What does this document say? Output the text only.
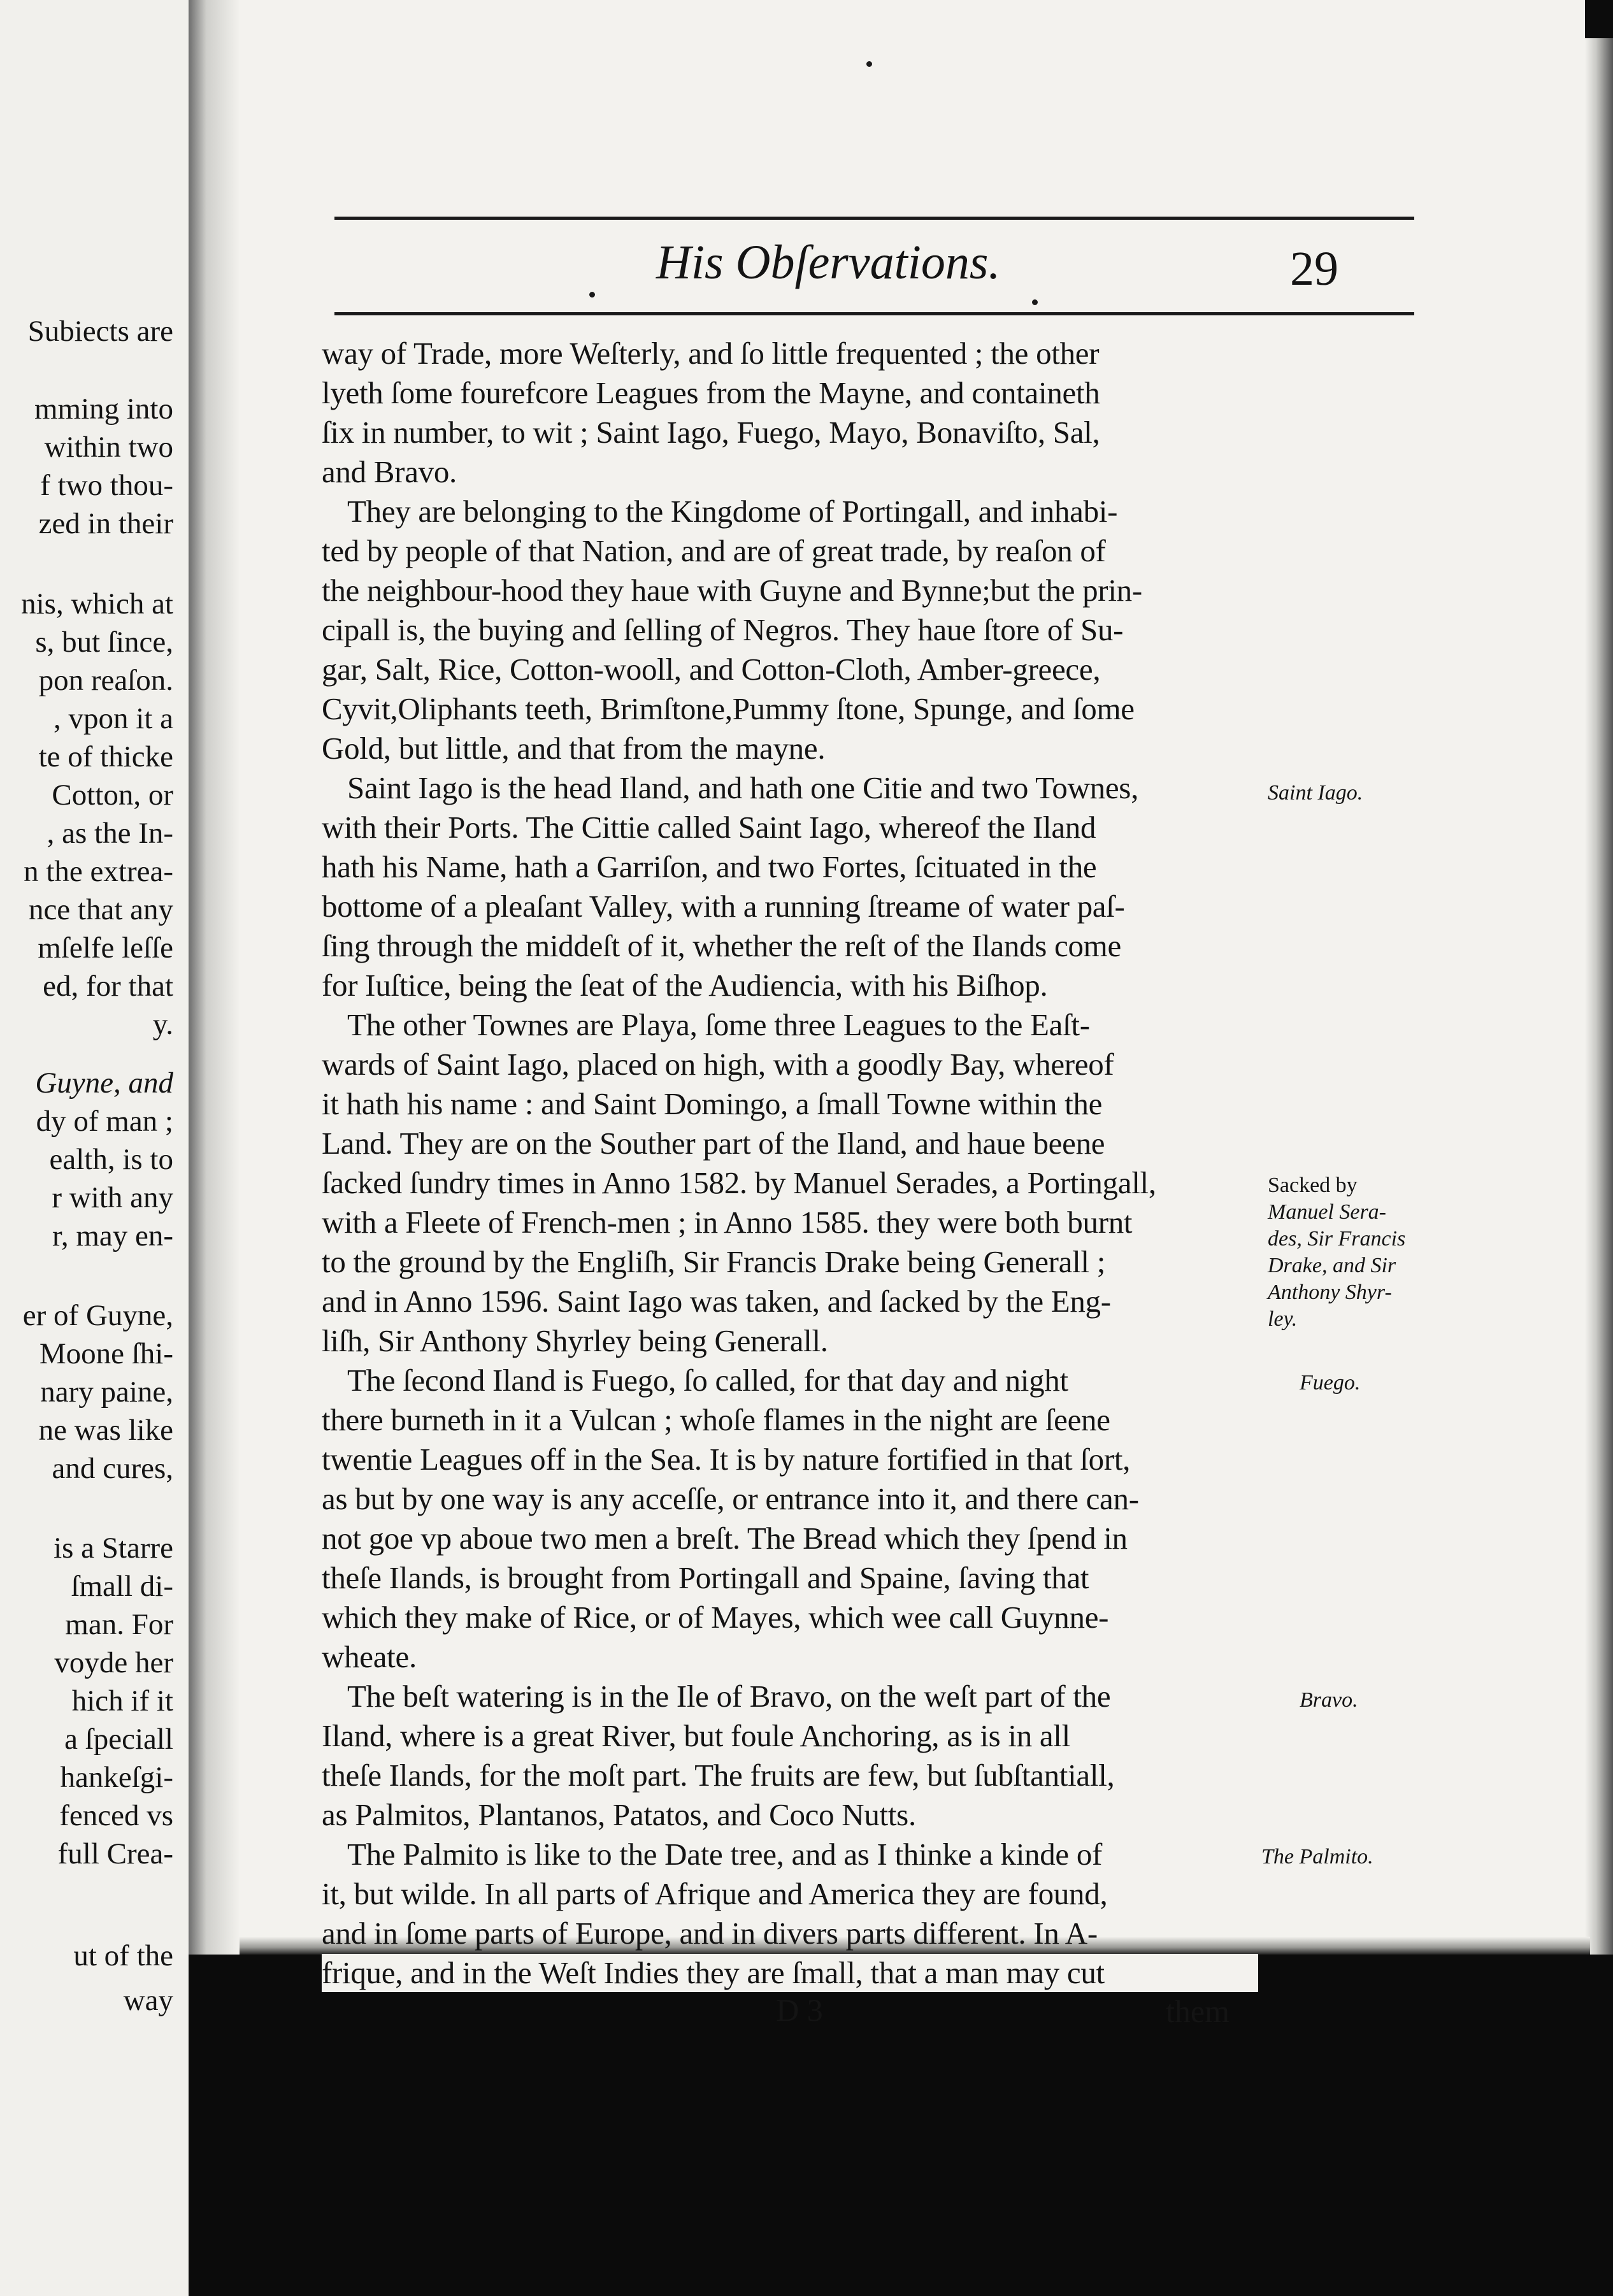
Subiects are
mming into
within two
f two thou-
zed in their
nis, which at
s, but ſince,
pon reaſon.
, vpon it a
te of thicke
Cotton, or
, as the In-
n the extrea-
nce that any
mſelfe leſſe
ed, for that
y.
Guyne, and
dy of man ;
ealth, is to
r with any
r, may en-
er of Guyne,
Moone ſhi-
nary paine,
ne was like
and cures,
is a Starre
ſmall di-
man. For
voyde her
hich if it
a ſpeciall
hankeſgi-
fenced vs
full Crea-
ut of the
way
His Obſervations.	29
way of Trade, more Weſterly, and ſo little frequented ; the other
lyeth ſome fourefcore Leagues from the Mayne, and containeth
ſix in number, to wit ; Saint Iago, Fuego, Mayo, Bonaviſto, Sal,
and Bravo.
They are belonging to the Kingdome of Portingall, and inhabi-
ted by people of that Nation, and are of great trade, by reaſon of
the neighbour-hood they haue with Guyne and Bynne;but the prin-
cipall is, the buying and ſelling of Negros. They haue ſtore of Su-
gar, Salt, Rice, Cotton-wooll, and Cotton-Cloth, Amber-greece,
Cyvit,Oliphants teeth, Brimſtone,Pummy ſtone, Spunge, and ſome
Gold, but little, and that from the mayne.
Saint Iago is the head Iland, and hath one Citie and two Townes,
with their Ports. The Cittie called Saint Iago, whereof the Iland
hath his Name, hath a Garriſon, and two Fortes, ſcituated in the
bottome of a pleaſant Valley, with a running ſtreame of water paſ-
ſing through the middeſt of it, whether the reſt of the Ilands come
for Iuſtice, being the ſeat of the Audiencia, with his Biſhop.
The other Townes are Playa, ſome three Leagues to the Eaſt-
wards of Saint Iago, placed on high, with a goodly Bay, whereof
it hath his name : and Saint Domingo, a ſmall Towne within the
Land. They are on the Souther part of the Iland, and haue beene
ſacked ſundry times in Anno 1582. by Manuel Serades, a Portingall,
with a Fleete of French-men ; in Anno 1585. they were both burnt
to the ground by the Engliſh, Sir Francis Drake being Generall ;
and in Anno 1596. Saint Iago was taken, and ſacked by the Eng-
liſh, Sir Anthony Shyrley being Generall.
The ſecond Iland is Fuego, ſo called, for that day and night
there burneth in it a Vulcan ; whoſe flames in the night are ſeene
twentie Leagues off in the Sea. It is by nature fortified in that ſort,
as but by one way is any acceſſe, or entrance into it, and there can-
not goe vp aboue two men a breſt. The Bread which they ſpend in
theſe Ilands, is brought from Portingall and Spaine, ſaving that
which they make of Rice, or of Mayes, which wee call Guynne-
wheate.
The beſt watering is in the Ile of Bravo, on the weſt part of the
Iland, where is a great River, but foule Anchoring, as is in all
theſe Ilands, for the moſt part. The fruits are few, but ſubſtantiall,
as Palmitos, Plantanos, Patatos, and Coco Nutts.
The Palmito is like to the Date tree, and as I thinke a kinde of
it, but wilde. In all parts of Afrique and America they are found,
and in ſome parts of Europe, and in divers parts different. In A-
frique, and in the Weſt Indies they are ſmall, that a man may cut
Saint Iago.
Sacked by
Manuel Sera-
des, Sir Francis
Drake, and Sir
Anthony Shyr-
ley.
Fuego.
Bravo.
The Palmito.
D 3	them
